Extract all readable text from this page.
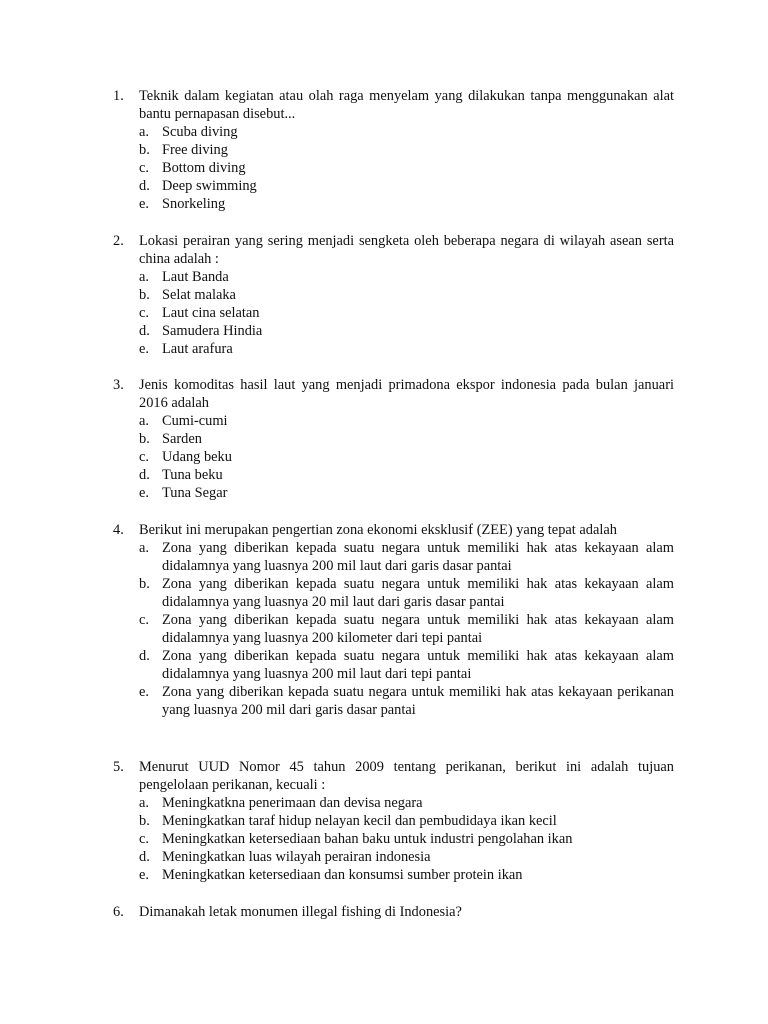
1.	Teknik dalam kegiatan atau olah raga menyelam yang dilakukan tanpa menggunakan alat bantu pernapasan disebut...
a. Scuba diving
b. Free diving
c. Bottom diving
d. Deep swimming
e. Snorkeling
2.	Lokasi perairan yang sering menjadi sengketa oleh beberapa negara di wilayah asean serta china adalah :
a. Laut Banda
b. Selat malaka
c. Laut cina selatan
d. Samudera Hindia
e. Laut arafura
3.	Jenis komoditas hasil laut yang menjadi primadona ekspor indonesia pada bulan januari 2016 adalah
a. Cumi-cumi
b. Sarden
c. Udang beku
d. Tuna beku
e. Tuna Segar
4.	Berikut ini merupakan pengertian zona ekonomi eksklusif (ZEE) yang tepat adalah
a. Zona yang diberikan kepada suatu negara untuk memiliki hak atas kekayaan alam didalamnya yang luasnya 200 mil laut dari garis dasar pantai
b. Zona yang diberikan kepada suatu negara untuk memiliki hak atas kekayaan alam didalamnya yang luasnya 20 mil laut dari garis dasar pantai
c. Zona yang diberikan kepada suatu negara untuk memiliki hak atas kekayaan alam didalamnya yang luasnya 200 kilometer dari tepi pantai
d. Zona yang diberikan kepada suatu negara untuk memiliki hak atas kekayaan alam didalamnya yang luasnya 200 mil laut dari tepi pantai
e. Zona yang diberikan kepada suatu negara untuk memiliki hak atas kekayaan perikanan yang luasnya 200 mil dari garis dasar pantai
5.	Menurut UUD Nomor 45 tahun 2009 tentang perikanan, berikut ini adalah tujuan pengelolaan perikanan, kecuali :
a. Meningkatkna penerimaan dan devisa negara
b. Meningkatkan taraf hidup nelayan kecil dan pembudidaya ikan kecil
c. Meningkatkan ketersediaan bahan baku untuk industri pengolahan ikan
d. Meningkatkan luas wilayah perairan indonesia
e. Meningkatkan ketersediaan dan konsumsi sumber protein ikan
6.	Dimanakah letak monumen illegal fishing di Indonesia?
